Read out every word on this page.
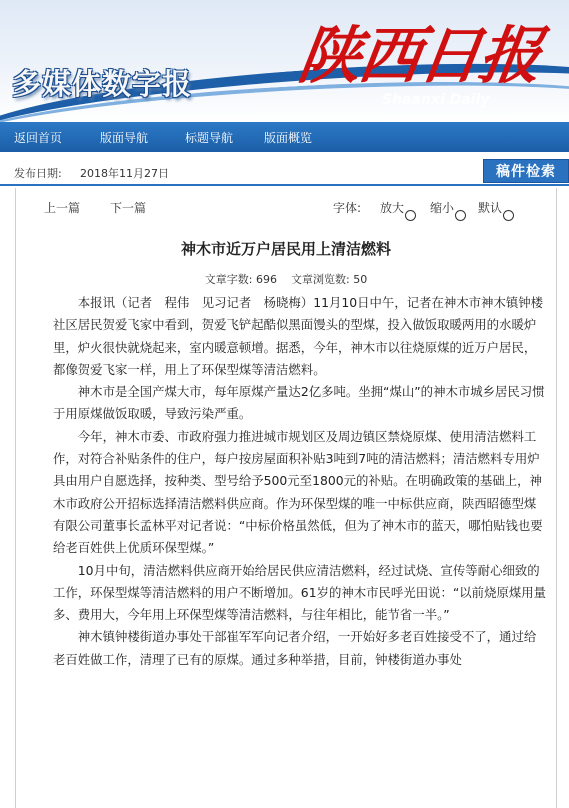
多媒体数字报 陕西日报
Shaanxi Daily
返回首页	版面导航	标题导航	版面概览
发布日期: 2018年11月27日	稿件检索
上一篇 下一篇	字体: 放大 缩小 默认
神木市近万户居民用上清洁燃料
文章字数: 696 文章浏览数: 50

本报讯（记者　程伟　见习记者　杨晓梅）11月10日中午，记者在神木市神木镇钟楼社区居民贺爱飞家中看到，贺爱飞铲起酷似黑面馒头的型煤，投入做饭取暖两用的水暖炉里，炉火很快就烧起来，室内暖意顿增。据悉，今年，神木市以往烧原煤的近万户居民，都像贺爱飞家一样，用上了环保型煤等清洁燃料。

神木市是全国产煤大市，每年原煤产量达2亿多吨。坐拥“煤山”的神木市城乡居民习惯于用原煤做饭取暖，导致污染严重。

今年，神木市委、市政府强力推进城市规划区及周边镇区禁烧原煤、使用清洁燃料工作，对符合补贴条件的住户，每户按房屋面积补贴3吨到7吨的清洁燃料；清洁燃料专用炉具由用户自愿选择，按种类、型号给予500元至1800元的补贴。在明确政策的基础上，神木市政府公开招标选择清洁燃料供应商。作为环保型煤的唯一中标供应商，陕西昭德型煤有限公司董事长孟林平对记者说：“中标价格虽然低，但为了神木市的蓝天，哪怕贴钱也要给老百姓供上优质环保型煤。”

10月中旬，清洁燃料供应商开始给居民供应清洁燃料，经过试烧、宣传等耐心细致的工作，环保型煤等清洁燃料的用户不断增加。61岁的神木市民呼光田说：“以前烧原煤用量多、费用大，今年用上环保型煤等清洁燃料，与往年相比，能节省一半。”

神木镇钟楼街道办事处干部崔军军向记者介绍，一开始好多老百姓接受不了，通过给老百姓做工作，清理了已有的原煤。通过多种举措，目前，钟楼街道办事处
